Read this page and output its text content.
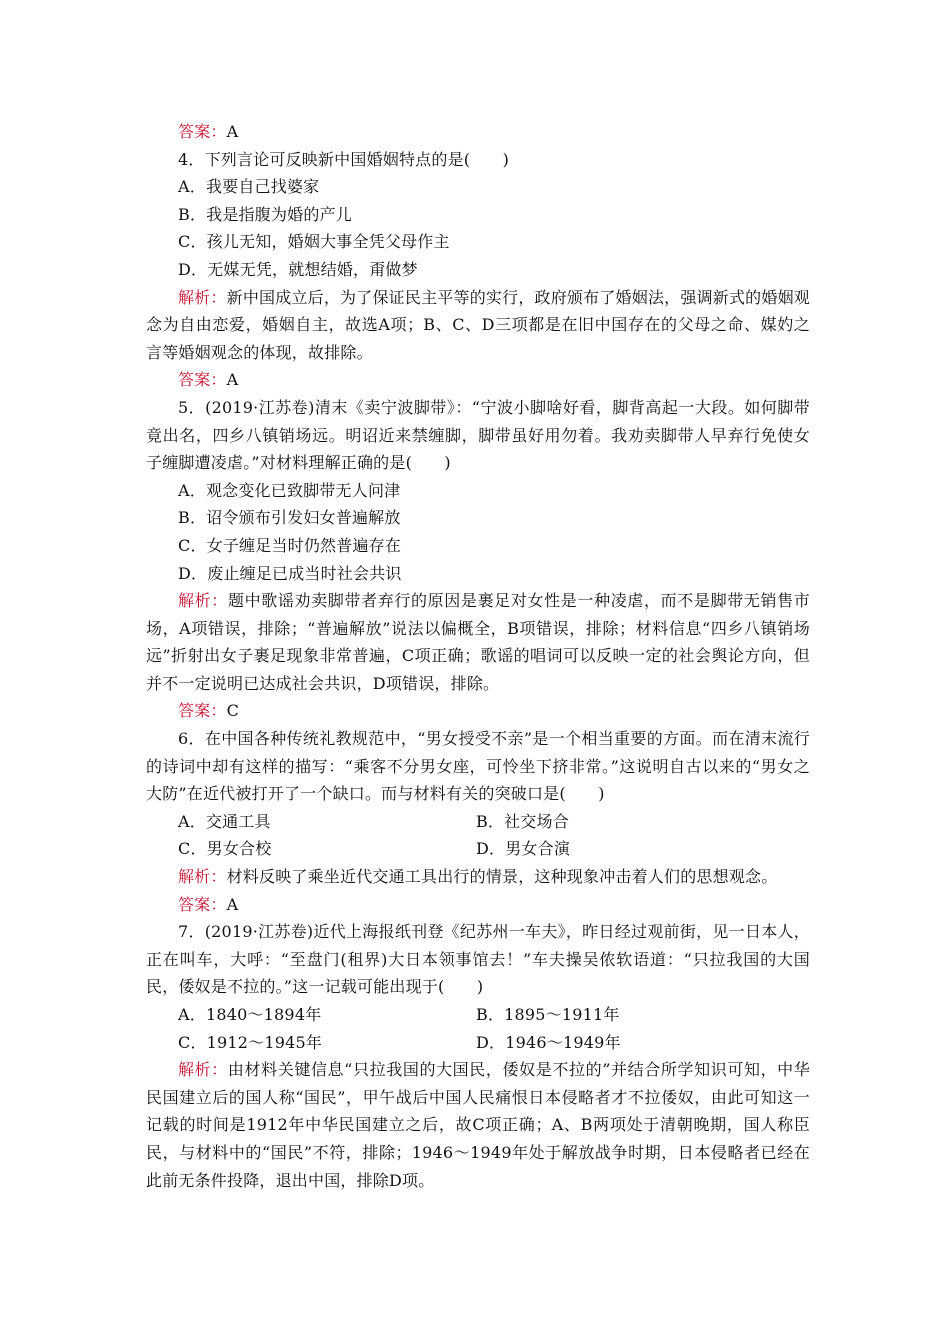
答案：A
4．下列言论可反映新中国婚姻特点的是(　　)
A．我要自己找婆家
B．我是指腹为婚的产儿
C．孩儿无知，婚姻大事全凭父母作主
D．无媒无凭，就想结婚，甭做梦
解析：新中国成立后，为了保证民主平等的实行，政府颁布了婚姻法，强调新式的婚姻观念为自由恋爱，婚姻自主，故选A项；B、C、D三项都是在旧中国存在的父母之命、媒妁之言等婚姻观念的体现，故排除。
答案：A
5．(2019·江苏卷)清末《卖宁波脚带》：“宁波小脚啥好看，脚背高起一大段。如何脚带竟出名，四乡八镇销场远。明诏近来禁缠脚，脚带虽好用勿着。我劝卖脚带人早弃行免使女子缠脚遭凌虐。”对材料理解正确的是(　　)
A．观念变化已致脚带无人问津
B．诏令颁布引发妇女普遍解放
C．女子缠足当时仍然普遍存在
D．废止缠足已成当时社会共识
解析：题中歌谣劝卖脚带者弃行的原因是裹足对女性是一种凌虐，而不是脚带无销售市场，A项错误，排除；“普遍解放”说法以偏概全，B项错误，排除；材料信息“四乡八镇销场远”折射出女子裹足现象非常普遍，C项正确；歌谣的唱词可以反映一定的社会舆论方向，但并不一定说明已达成社会共识，D项错误，排除。
答案：C
6．在中国各种传统礼教规范中，“男女授受不亲”是一个相当重要的方面。而在清末流行的诗词中却有这样的描写：“乘客不分男女座，可怜坐下挤非常。”这说明自古以来的“男女之大防”在近代被打开了一个缺口。而与材料有关的突破口是(　　)
A．交通工具	B．社交场合
C．男女合校	D．男女合演
解析：材料反映了乘坐近代交通工具出行的情景，这种现象冲击着人们的思想观念。
答案：A
7．(2019·江苏卷)近代上海报纸刊登《纪苏州一车夫》，昨日经过观前街，见一日本人，正在叫车，大呼：“至盘门(租界)大日本领事馆去！”车夫操吴侬软语道：“只拉我国的大国民，倭奴是不拉的。”这一记载可能出现于(　　)
A．1840～1894年	B．1895～1911年
C．1912～1945年	D．1946～1949年
解析：由材料关键信息“只拉我国的大国民，倭奴是不拉的”并结合所学知识可知，中华民国建立后的国人称“国民”，甲午战后中国人民痛恨日本侵略者才不拉倭奴，由此可知这一记载的时间是1912年中华民国建立之后，故C项正确；A、B两项处于清朝晚期，国人称臣民，与材料中的“国民”不符，排除；1946～1949年处于解放战争时期，日本侵略者已经在此前无条件投降，退出中国，排除D项。
